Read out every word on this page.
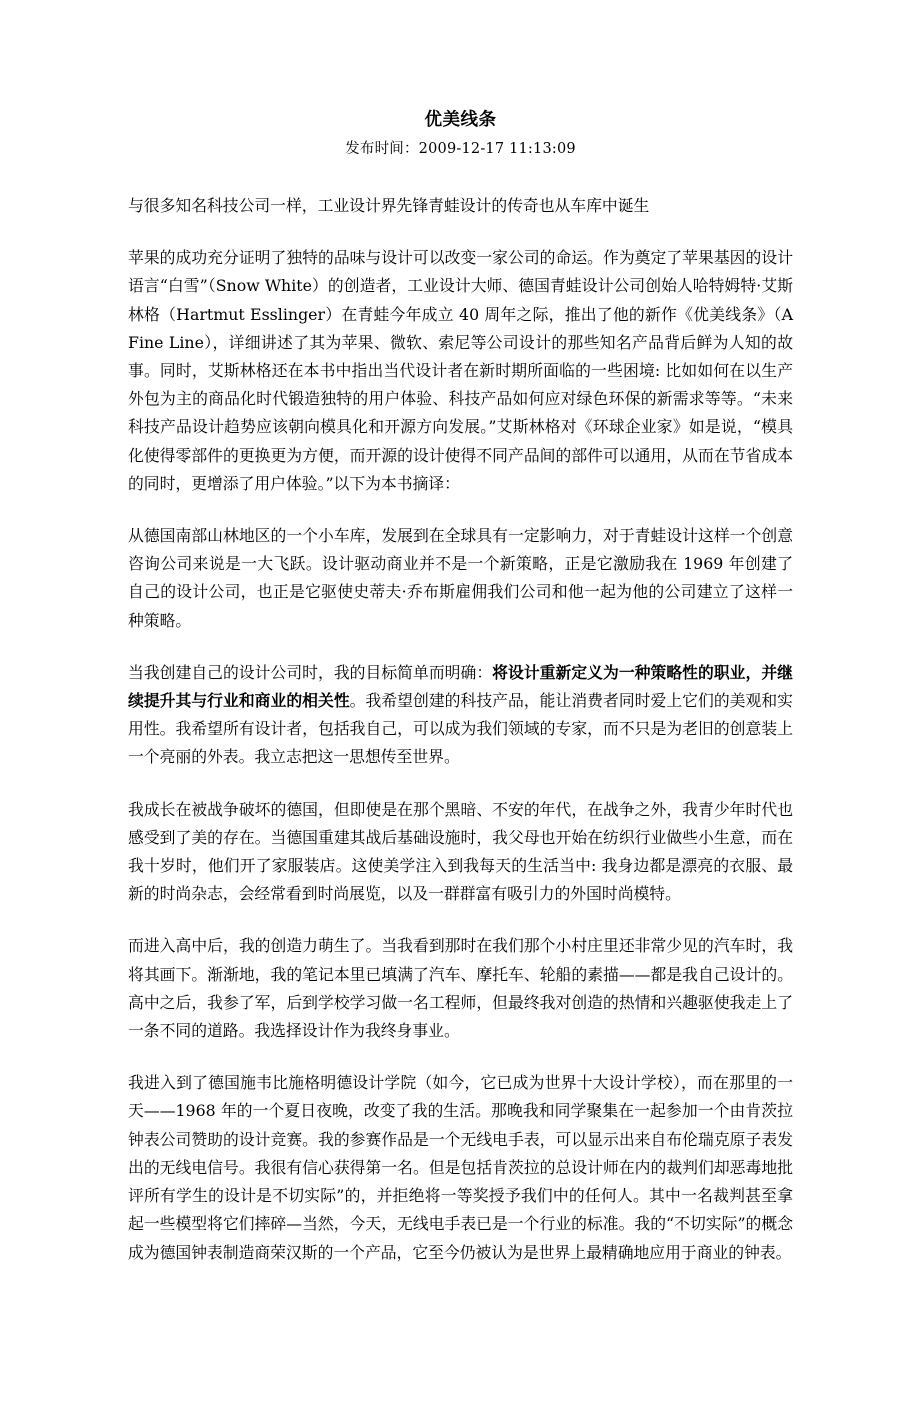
优美线条
发布时间：2009-12-17 11:13:09

与很多知名科技公司一样，工业设计界先锋青蛙设计的传奇也从车库中诞生

苹果的成功充分证明了独特的品味与设计可以改变一家公司的命运。作为奠定了苹果基因的设计语言“白雪”（Snow White）的创造者，工业设计大师、德国青蛙设计公司创始人哈特姆特·艾斯林格（Hartmut Esslinger）在青蛙今年成立 40 周年之际，推出了他的新作《优美线条》（A Fine Line），详细讲述了其为苹果、微软、索尼等公司设计的那些知名产品背后鲜为人知的故事。同时，艾斯林格还在本书中指出当代设计者在新时期所面临的一些困境: 比如如何在以生产外包为主的商品化时代锻造独特的用户体验、科技产品如何应对绿色环保的新需求等等。“未来科技产品设计趋势应该朝向模具化和开源方向发展。”艾斯林格对《环球企业家》如是说，“模具化使得零部件的更换更为方便，而开源的设计使得不同产品间的部件可以通用，从而在节省成本的同时，更增添了用户体验。”以下为本书摘译：

从德国南部山林地区的一个小车库，发展到在全球具有一定影响力，对于青蛙设计这样一个创意咨询公司来说是一大飞跃。设计驱动商业并不是一个新策略，正是它激励我在 1969 年创建了自己的设计公司，也正是它驱使史蒂夫·乔布斯雇佣我们公司和他一起为他的公司建立了这样一种策略。

当我创建自己的设计公司时，我的目标简单而明确：将设计重新定义为一种策略性的职业，并继续提升其与行业和商业的相关性。我希望创建的科技产品，能让消费者同时爱上它们的美观和实用性。我希望所有设计者，包括我自己，可以成为我们领域的专家，而不只是为老旧的创意装上一个亮丽的外表。我立志把这一思想传至世界。

我成长在被战争破坏的德国，但即使是在那个黑暗、不安的年代，在战争之外，我青少年时代也感受到了美的存在。当德国重建其战后基础设施时，我父母也开始在纺织行业做些小生意，而在我十岁时，他们开了家服装店。这使美学注入到我每天的生活当中: 我身边都是漂亮的衣服、最新的时尚杂志，会经常看到时尚展览，以及一群群富有吸引力的外国时尚模特。

而进入高中后，我的创造力萌生了。当我看到那时在我们那个小村庄里还非常少见的汽车时，我将其画下。渐渐地，我的笔记本里已填满了汽车、摩托车、轮船的素描——都是我自己设计的。高中之后，我参了军，后到学校学习做一名工程师，但最终我对创造的热情和兴趣驱使我走上了一条不同的道路。我选择设计作为我终身事业。

我进入到了德国施韦比施格明德设计学院（如今，它已成为世界十大设计学校），而在那里的一天——1968 年的一个夏日夜晚，改变了我的生活。那晚我和同学聚集在一起参加一个由肯茨拉钟表公司赞助的设计竞赛。我的参赛作品是一个无线电手表，可以显示出来自布伦瑞克原子表发出的无线电信号。我很有信心获得第一名。但是包括肯茨拉的总设计师在内的裁判们却恶毒地批评所有学生的设计是不切实际”的，并拒绝将一等奖授予我们中的任何人。其中一名裁判甚至拿起一些模型将它们摔碎—当然，今天，无线电手表已是一个行业的标准。我的“不切实际”的概念成为德国钟表制造商荣汉斯的一个产品，它至今仍被认为是世界上最精确地应用于商业的钟表。
